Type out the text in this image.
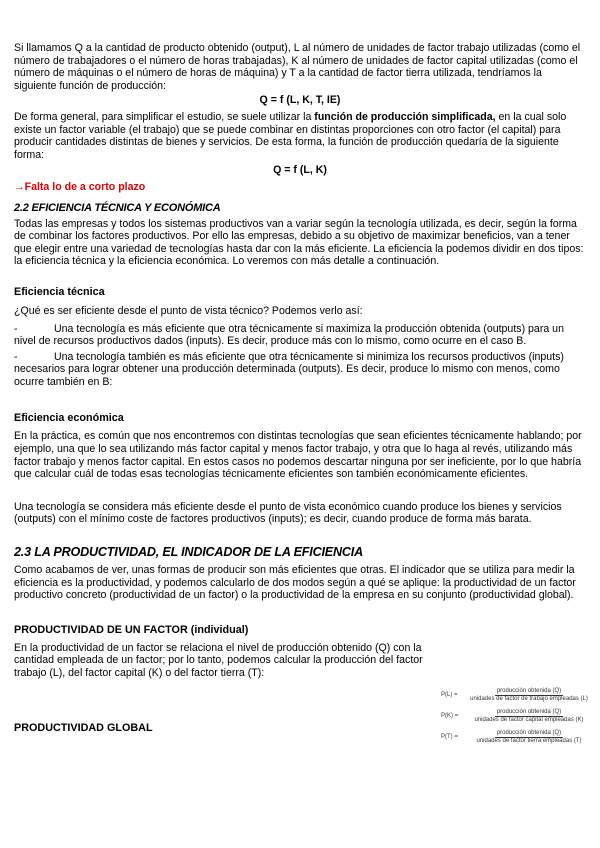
Si llamamos Q a la cantidad de producto obtenido (output), L al número de unidades de factor trabajo utilizadas (como el número de trabajadores o el número de horas trabajadas), K al número de unidades de factor capital utilizadas (como el número de máquinas o el número de horas de máquina) y T a la cantidad de factor tierra utilizada, tendríamos la siguiente función de producción:

Q = f (L, K, T, IE)

De forma general, para simplificar el estudio, se suele utilizar la función de producción simplificada, en la cual solo existe un factor variable (el trabajo) que se puede combinar en distintas proporciones con otro factor (el capital) para producir cantidades distintas de bienes y servicios. De esta forma, la función de producción quedaría de la siguiente forma:

Q = f (L, K)

→Falta lo de a corto plazo

2.2 EFICIENCIA TÉCNICA Y ECONÓMICA

Todas las empresas y todos los sistemas productivos van a variar según la tecnología utilizada, es decir, según la forma de combinar los factores productivos. Por ello las empresas, debido a su objetivo de maximizar beneficios, van a tener que elegir entre una variedad de tecnologías hasta dar con la más eficiente. La eficiencia la podemos dividir en dos tipos: la eficiencia técnica y la eficiencia económica. Lo veremos con más detalle a continuación.

Eficiencia técnica

¿Qué es ser eficiente desde el punto de vista técnico? Podemos verlo así:

-	Una tecnología es más eficiente que otra técnicamente si maximiza la producción obtenida (outputs) para un

nivel de recursos productivos dados (inputs). Es decir, produce más con lo mismo, como ocurre en el caso B.

-	Una tecnología también es más eficiente que otra técnicamente si minimiza los recursos productivos (inputs)

necesarios para lograr obtener una producción determinada (outputs). Es decir, produce lo mismo con menos, como ocurre también en B:

Eficiencia económica

En la práctica, es común que nos encontremos con distintas tecnologías que sean eficientes técnicamente hablando; por ejemplo, una que lo sea utilizando más factor capital y menos factor trabajo, y otra que lo haga al revés, utilizando más factor trabajo y menos factor capital. En estos casos no podemos descartar ninguna por ser ineficiente, por lo que habría que calcular cuál de todas esas tecnologías técnicamente eficientes son también económicamente eficientes.

Una tecnología se considera más eficiente desde el punto de vista económico cuando produce los bienes y servicios (outputs) con el mínimo coste de factores productivos (inputs); es decir, cuando produce de forma más barata.

2.3 LA PRODUCTIVIDAD, EL INDICADOR DE LA EFICIENCIA

Como acabamos de ver, unas formas de producir son más eficientes que otras. El indicador que se utiliza para medir la eficiencia es la productividad, y podemos calcularlo de dos modos según a qué se aplique: la productividad de un factor productivo concreto (productividad de un factor) o la productividad de la empresa en su conjunto (productividad global).

PRODUCTIVIDAD DE UN FACTOR (individual)

En la productividad de un factor se relaciona el nivel de producción obtenido (Q) con la cantidad empleada de un factor; por lo tanto, podemos calcular la producción del factor trabajo (L), del factor capital (K) o del factor tierra (T):

PRODUCTIVIDAD GLOBAL
P(L) =	$\frac{\text{producción obtenida (Q)}}{\text{unidades de factor de trabajo empleadas (L)}}$
P(K) =	$\frac{\text{producción obtenida (Q)}}{\text{unidades de factor capital empleadas (K)}}$
P(T) =	$\frac{\text{producción obtenida (Q)}}{\text{unidades de factor tierra empleadas (T)}}$
